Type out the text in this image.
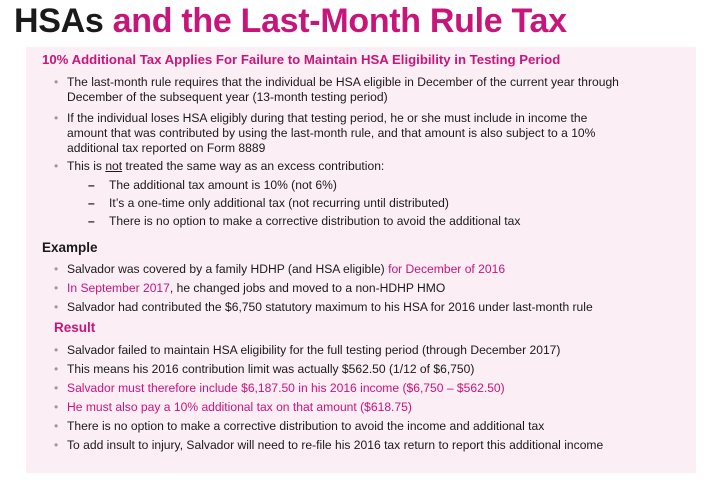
HSAs and the Last-Month Rule Tax
10% Additional Tax Applies For Failure to Maintain HSA Eligibility in Testing Period
• The last-month rule requires that the individual be HSA eligible in December of the current year through
December of the subsequent year (13-month testing period)
• If the individual loses HSA eligibly during that testing period, he or she must include in income the
amount that was contributed by using the last-month rule, and that amount is also subject to a 10%
additional tax reported on Form 8889
• This is not treated the same way as an excess contribution:
– The additional tax amount is 10% (not 6%)
– It’s a one-time only additional tax (not recurring until distributed)
– There is no option to make a corrective distribution to avoid the additional tax
Example
• Salvador was covered by a family HDHP (and HSA eligible) for December of 2016
• In September 2017, he changed jobs and moved to a non-HDHP HMO
• Salvador had contributed the $6,750 statutory maximum to his HSA for 2016 under last-month rule
Result
• Salvador failed to maintain HSA eligibility for the full testing period (through December 2017)
• This means his 2016 contribution limit was actually $562.50 (1/12 of $6,750)
• Salvador must therefore include $6,187.50 in his 2016 income ($6,750 – $562.50)
• He must also pay a 10% additional tax on that amount ($618.75)
• There is no option to make a corrective distribution to avoid the income and additional tax
• To add insult to injury, Salvador will need to re-file his 2016 tax return to report this additional income
